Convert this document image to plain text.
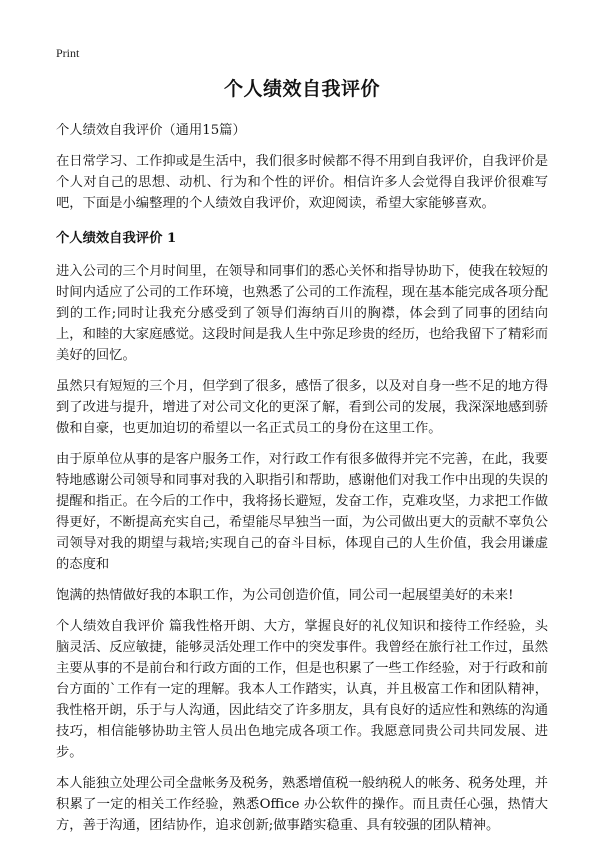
Print
个人绩效自我评价

个人绩效自我评价（通用15篇）

在日常学习、工作抑或是生活中，我们很多时候都不得不用到自我评价，自我评价是个人对自己的思想、动机、行为和个性的评价。相信许多人会觉得自我评价很难写吧，下面是小编整理的个人绩效自我评价，欢迎阅读，希望大家能够喜欢。

个人绩效自我评价 1

进入公司的三个月时间里，在领导和同事们的悉心关怀和指导协助下，使我在较短的时间内适应了公司的工作环境，也熟悉了公司的工作流程，现在基本能完成各项分配到的工作;同时让我充分感受到了领导们海纳百川的胸襟，体会到了同事的团结向上，和睦的大家庭感觉。这段时间是我人生中弥足珍贵的经历，也给我留下了精彩而美好的回忆。

虽然只有短短的三个月，但学到了很多，感悟了很多，以及对自身一些不足的地方得到了改进与提升，增进了对公司文化的更深了解，看到公司的发展，我深深地感到骄傲和自豪，也更加迫切的希望以一名正式员工的身份在这里工作。

由于原单位从事的是客户服务工作，对行政工作有很多做得并完不完善，在此，我要特地感谢公司领导和同事对我的入职指引和帮助，感谢他们对我工作中出现的失误的提醒和指正。在今后的工作中，我将扬长避短，发奋工作，克难攻坚，力求把工作做得更好，不断提高充实自己，希望能尽早独当一面，为公司做出更大的贡献不辜负公司领导对我的期望与栽培;实现自己的奋斗目标，体现自己的人生价值，我会用谦虚的态度和

饱满的热情做好我的本职工作，为公司创造价值，同公司一起展望美好的未来!

个人绩效自我评价 篇我性格开朗、大方，掌握良好的礼仪知识和接待工作经验，头脑灵活、反应敏捷，能够灵活处理工作中的突发事件。我曾经在旅行社工作过，虽然主要从事的不是前台和行政方面的工作，但是也积累了一些工作经验，对于行政和前台方面的`工作有一定的理解。我本人工作踏实，认真，并且极富工作和团队精神，我性格开朗，乐于与人沟通，因此结交了许多朋友，具有良好的适应性和熟练的沟通技巧，相信能够协助主管人员出色地完成各项工作。我愿意同贵公司共同发展、进步。

本人能独立处理公司全盘帐务及税务，熟悉增值税一般纳税人的帐务、税务处理，并积累了一定的相关工作经验，熟悉Office 办公软件的操作。而且责任心强，热情大方，善于沟通，团结协作，追求创新;做事踏实稳重、具有较强的团队精神。
